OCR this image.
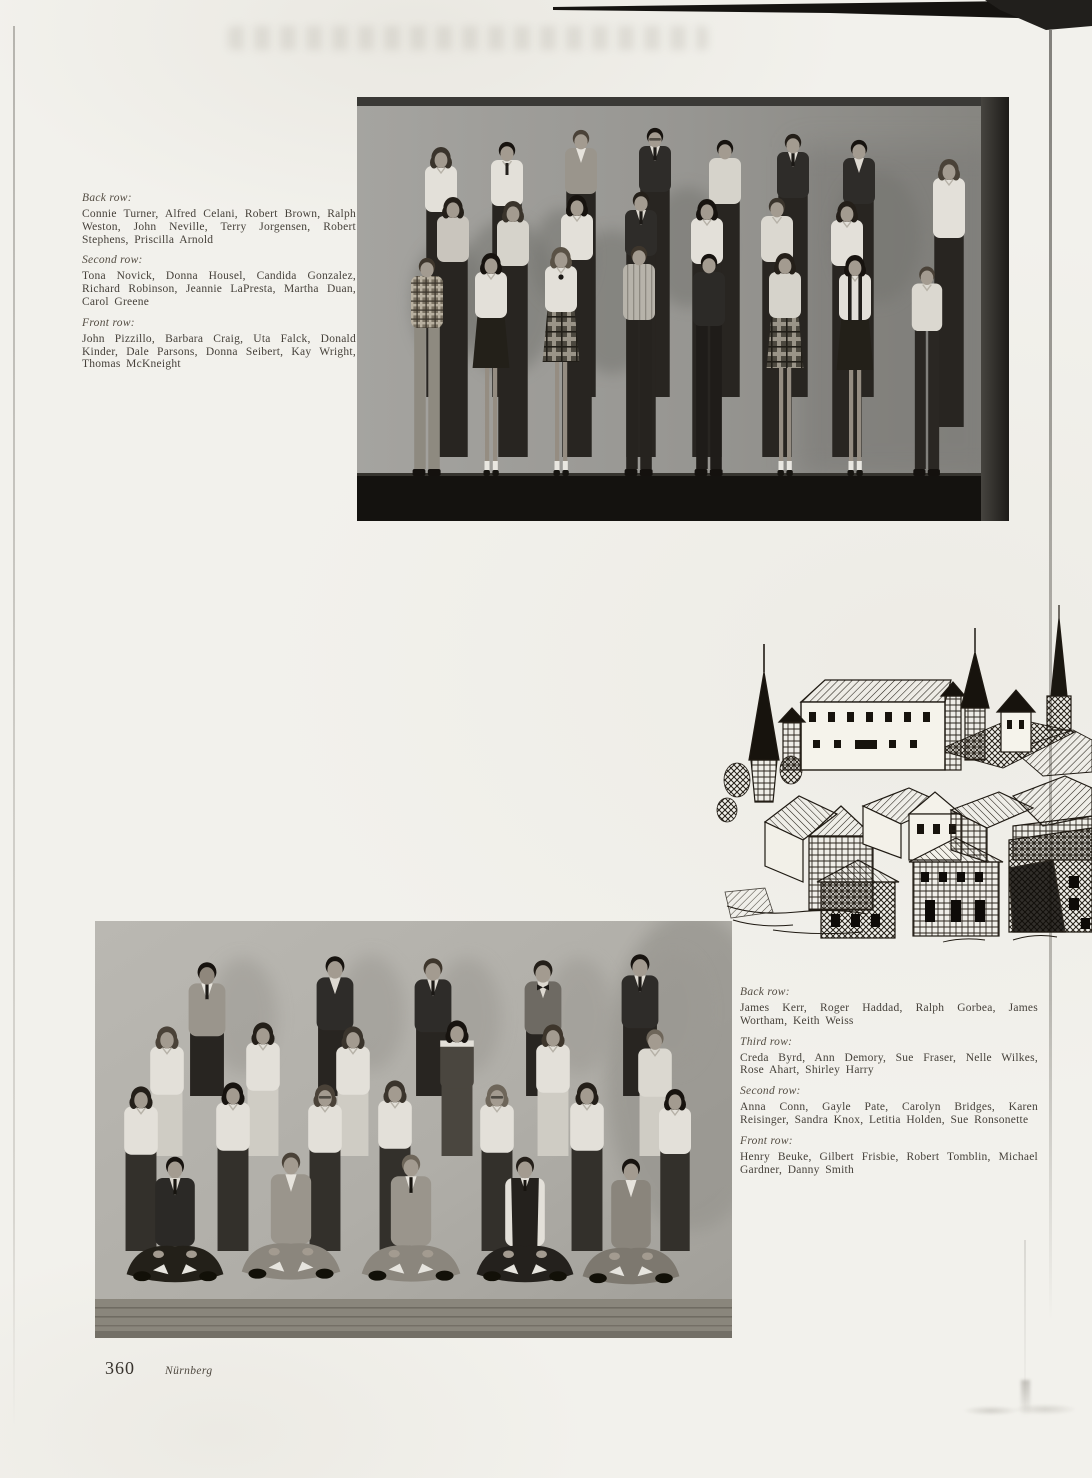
Back row:

Connie Turner, Alfred Celani, Robert Brown, Ralph Weston, John Neville, Terry Jorgensen, Robert Stephens, Priscilla Arnold

Second row:

Tona Novick, Donna Housel, Candida Gonzalez, Richard Robinson, Jeannie LaPresta, Martha Duan, Carol Greene

Front row:

John Pizzillo, Barbara Craig, Uta Falck, Donald Kinder, Dale Parsons, Donna Seibert, Kay Wright, Thomas McKneight

Back row:

James Kerr, Roger Haddad, Ralph Gorbea, James Wortham, Keith Weiss

Third row:

Creda Byrd, Ann Demory, Sue Fraser, Nelle Wilkes, Rose Ahart, Shirley Harry

Second row:

Anna Conn, Gayle Pate, Carolyn Bridges, Karen Reisinger, Sandra Knox, Letitia Holden, Sue Ronsonette

Front row:

Henry Beuke, Gilbert Frisbie, Robert Tomblin, Michael Gardner, Danny Smith

360	Nürnberg
